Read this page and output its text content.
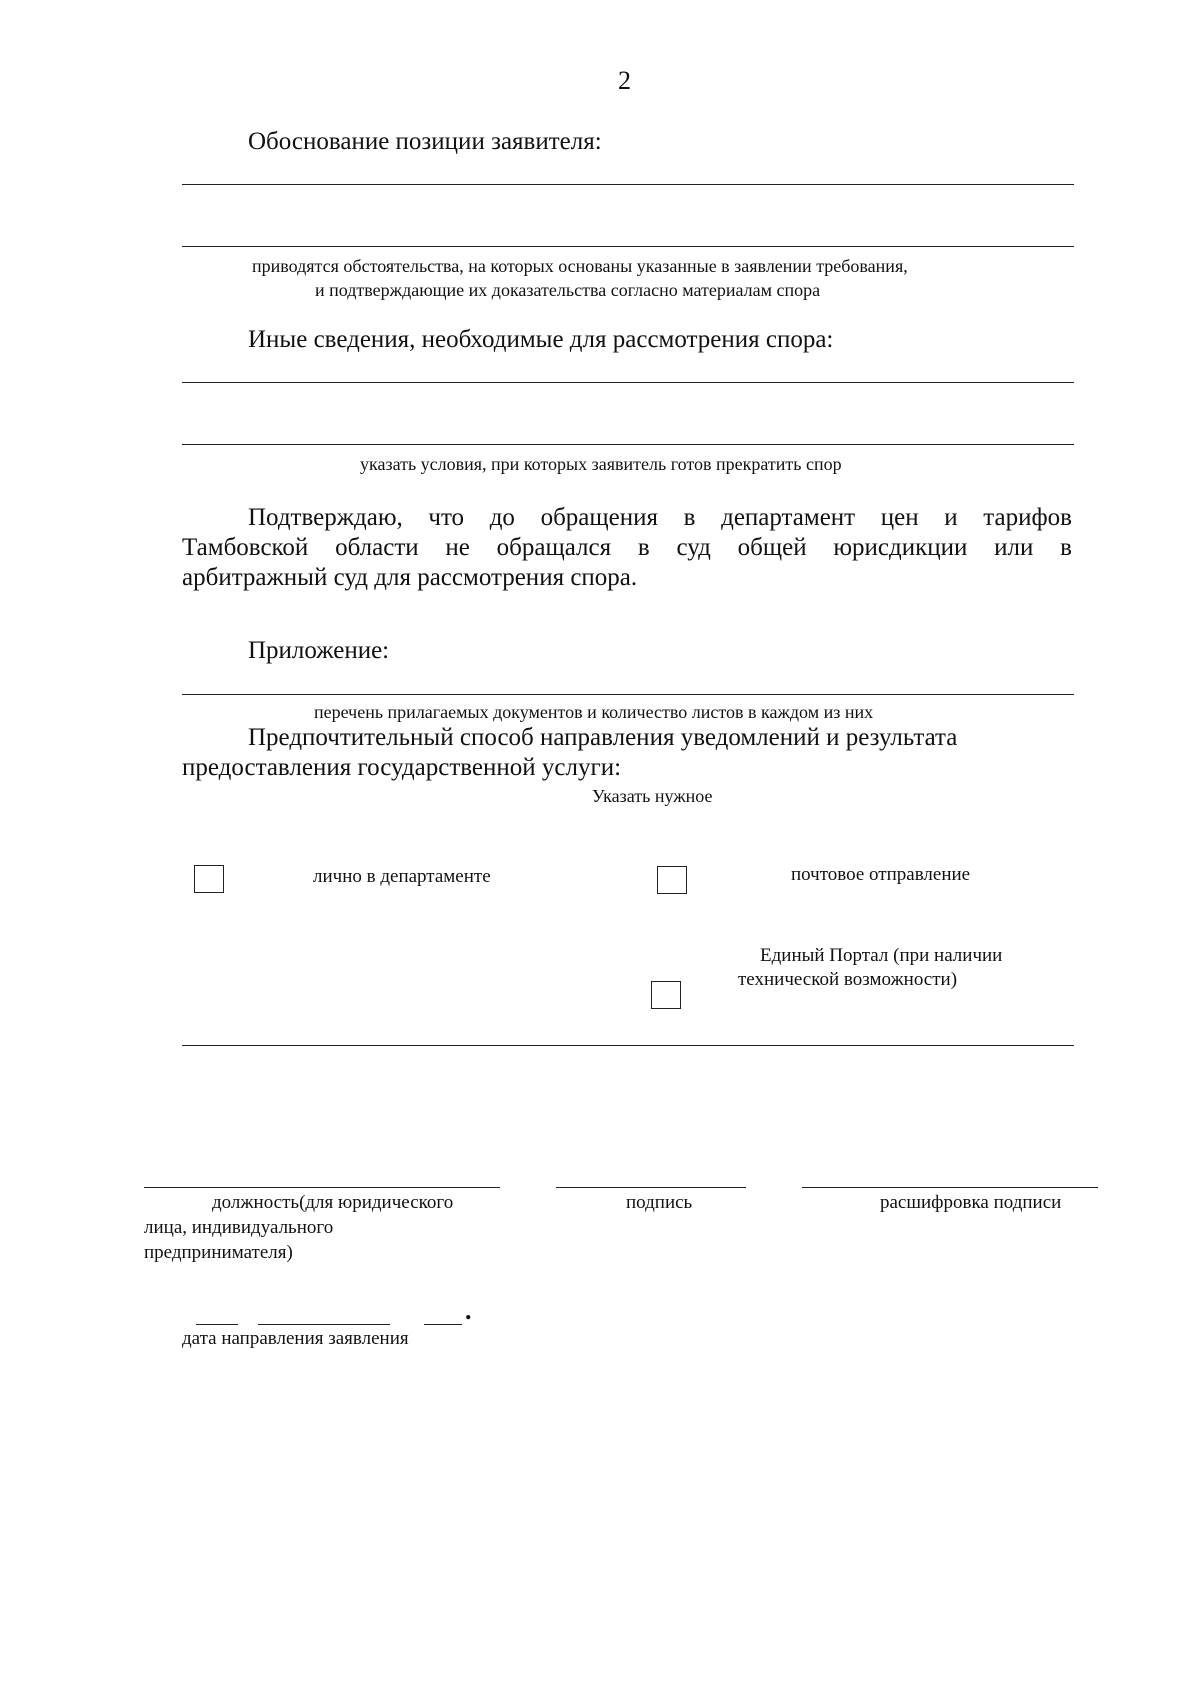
2
Обоснование позиции заявителя:
приводятся обстоятельства, на которых основаны указанные в заявлении требования,
и подтверждающие их доказательства согласно материалам спора
Иные сведения, необходимые для рассмотрения спора:
указать условия, при которых заявитель готов прекратить спор
Подтверждаю, что до обращения в департамент цен и тарифов
Тамбовской области не обращался в суд общей юрисдикции или в
арбитражный суд для рассмотрения спора.
Приложение:
перечень прилагаемых документов и количество листов в каждом из них
Предпочтительный способ направления уведомлений и результата
предоставления государственной услуги:
Указать нужное
лично в департаменте	почтовое отправление
Единый Портал (при наличии
технической возможности)
должность(для юридического
лица, индивидуального
предпринимателя)
подпись	расшифровка подписи
.
дата направления заявления
